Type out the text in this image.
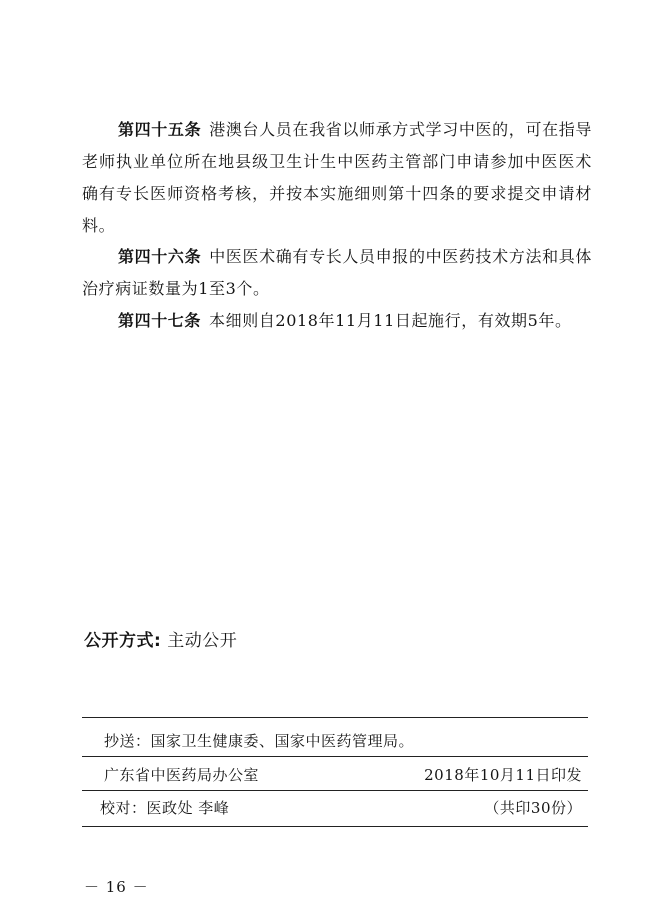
第四十五条 港澳台人员在我省以师承方式学习中医的，可在指导老师执业单位所在地县级卫生计生中医药主管部门申请参加中医医术确有专长医师资格考核，并按本实施细则第十四条的要求提交申请材料。

第四十六条 中医医术确有专长人员申报的中医药技术方法和具体治疗病证数量为1至3个。

第四十七条 本细则自2018年11月11日起施行，有效期5年。

公开方式: 主动公开
抄送：国家卫生健康委、国家中医药管理局。
广东省中医药局办公室	2018年10月11日印发
校对：医政处 李峰	（共印30份）
－ 16 －
